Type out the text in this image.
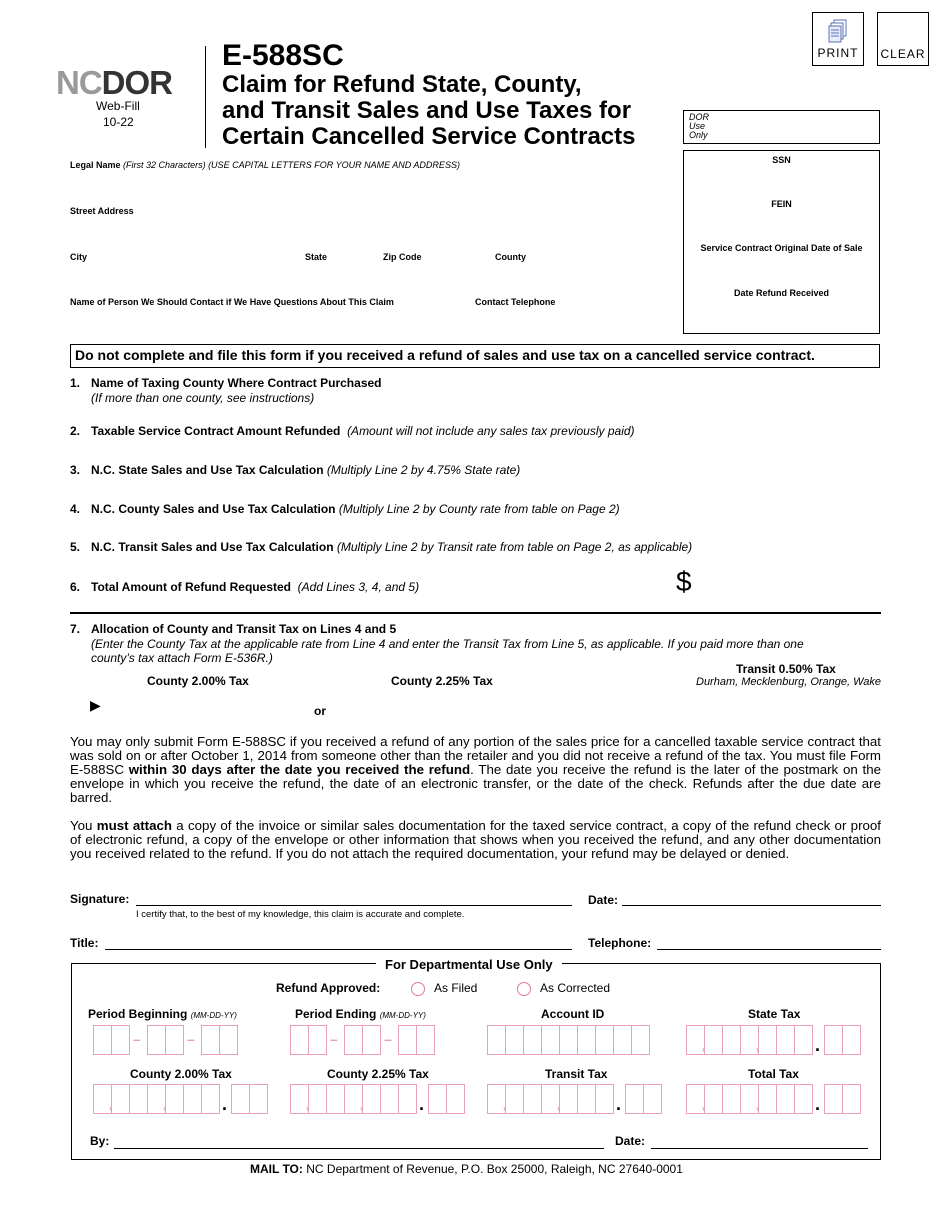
NCDOR
Web-Fill
10-22
E-588SC
Claim for Refund State, County,
and Transit Sales and Use Taxes for
Certain Cancelled Service Contracts
PRINT	CLEAR
DOR
Use
Only
SSN
FEIN
Service Contract Original Date of Sale
Date Refund Received
Legal Name (First 32 Characters) (USE CAPITAL LETTERS FOR YOUR NAME AND ADDRESS)
Street Address
City	State	Zip Code	County
Name of Person We Should Contact if We Have Questions About This Claim	Contact Telephone
Do not complete and file this form if you received a refund of sales and use tax on a cancelled service contract.
1. Name of Taxing County Where Contract Purchased
(If more than one county, see instructions)
2. Taxable Service Contract Amount Refunded (Amount will not include any sales tax previously paid)
3. N.C. State Sales and Use Tax Calculation (Multiply Line 2 by 4.75% State rate)
4. N.C. County Sales and Use Tax Calculation (Multiply Line 2 by County rate from table on Page 2)
5. N.C. Transit Sales and Use Tax Calculation (Multiply Line 2 by Transit rate from table on Page 2, as applicable)
6. Total Amount of Refund Requested (Add Lines 3, 4, and 5)	$
7. Allocation of County and Transit Tax on Lines 4 and 5
(Enter the County Tax at the applicable rate from Line 4 and enter the Transit Tax from Line 5, as applicable. If you paid more than one
county’s tax attach Form E-536R.)
County 2.00% Tax	County 2.25% Tax
Transit 0.50% Tax
Durham, Mecklenburg, Orange, Wake
▶	or
You may only submit Form E-588SC if you received a refund of any portion of the sales price for a cancelled taxable service contract that was sold on or after October 1, 2014 from someone other than the retailer and you did not receive a refund of the tax. You must file Form E-588SC within 30 days after the date you received the refund. The date you receive the refund is the later of the postmark on the envelope in which you receive the refund, the date of an electronic transfer, or the date of the check. Refunds after the due date are barred.
You must attach a copy of the invoice or similar sales documentation for the taxed service contract, a copy of the refund check or proof of electronic refund, a copy of the envelope or other information that shows when you received the refund, and any other documentation you received related to the refund. If you do not attach the required documentation, your refund may be delayed or denied.
Signature:
I certify that, to the best of my knowledge, this claim is accurate and complete.
Date:
Title:	Telephone:
For Departmental Use Only
Refund Approved:	As Filed	As Corrected
Period Beginning (MM-DD-YY)	Period Ending (MM-DD-YY)	Account ID	State Tax
County 2.00% Tax	County 2.25% Tax	Transit Tax	Total Tax
–	–	–	–	.
,	,
.
,	,	.
,	,	.
,	,	.
,	,
By:	Date:
MAIL TO: NC Department of Revenue, P.O. Box 25000, Raleigh, NC 27640-0001
